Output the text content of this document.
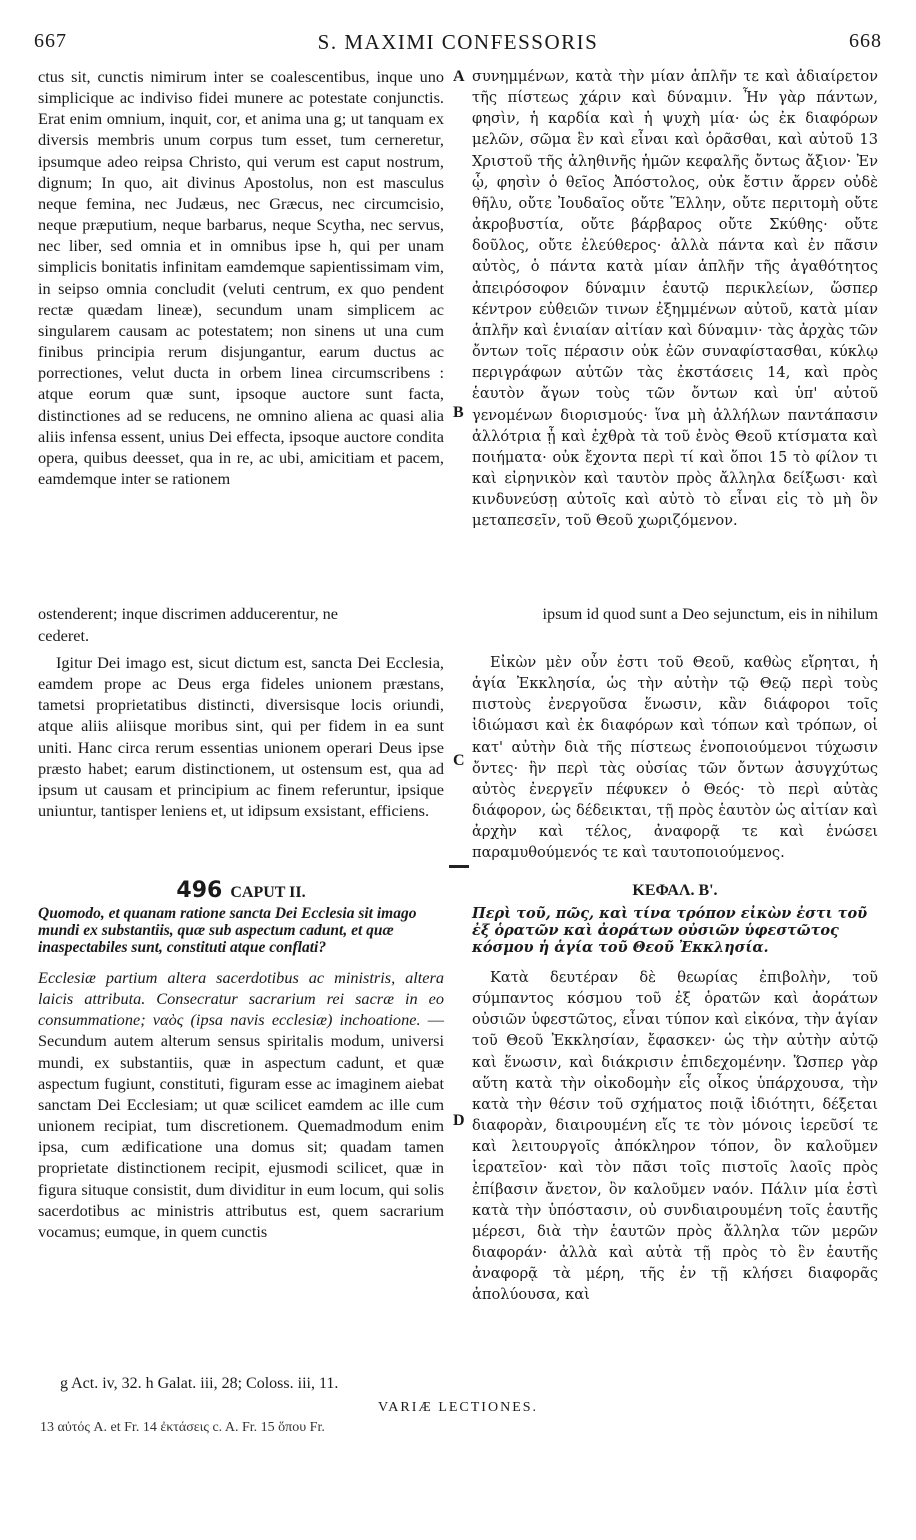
667	S. MAXIMI CONFESSORIS	668

ctus sit, cunctis nimirum inter se coalescentibus, inque uno simplicique ac indiviso fidei munere ac potestate conjunctis. Erat enim omnium, inquit, cor, et anima una g; ut tanquam ex diversis membris unum corpus tum esset, tum cerneretur, ipsumque adeo reipsa Christo, qui verum est caput nostrum, dignum; In quo, ait divinus Apostolus, non est masculus neque femina, nec Judæus, nec Græcus, nec circumcisio, neque præputium, neque barbarus, neque Scytha, nec servus, nec liber, sed omnia et in omnibus ipse h, qui per unam simplicis bonitatis infinitam eamdemque sapientissimam vim, in seipso omnia concludit (veluti centrum, ex quo pendent rectæ quædam lineæ), secundum unam simplicem ac singularem causam ac potestatem; non sinens ut una cum finibus principia rerum disjungantur, earum ductus ac porrectiones, velut ducta in orbem linea circumscribens : atque eorum quæ sunt, ipsoque auctore sunt facta, distinctiones ad se reducens, ne omnino aliena ac quasi alia aliis infensa essent, unius Dei effecta, ipsoque auctore condita opera, quibus deesset, qua in re, ac ubi, amicitiam et pacem, eamdemque inter se rationem

συνημμένων, κατὰ τὴν μίαν ἁπλῆν τε καὶ ἀδιαίρετον τῆς πίστεως χάριν καὶ δύναμιν. Ἦν γὰρ πάντων, φησὶν, ἡ καρδία καὶ ἡ ψυχὴ μία· ὡς ἐκ διαφόρων μελῶν, σῶμα ἓν καὶ εἶναι καὶ ὁρᾶσθαι, καὶ αὐτοῦ 13 Χριστοῦ τῆς ἀληθινῆς ἡμῶν κεφαλῆς ὄντως ἄξιον· Ἐν ᾧ, φησὶν ὁ θεῖος Ἀπόστολος, οὐκ ἔστιν ἄρρεν οὐδὲ θῆλυ, οὔτε Ἰουδαῖος οὔτε Ἕλλην, οὔτε περιτομὴ οὔτε ἀκροβυστία, οὔτε βάρβαρος οὔτε Σκύθης· οὔτε δοῦλος, οὔτε ἐλεύθερος· ἀλλὰ πάντα καὶ ἐν πᾶσιν αὐτὸς, ὁ πάντα κατὰ μίαν ἁπλῆν τῆς ἀγαθότητος ἀπειρόσοφον δύναμιν ἑαυτῷ περικλείων, ὥσπερ κέντρον εὐθειῶν τινων ἐξημμένων αὐτοῦ, κατὰ μίαν ἁπλῆν καὶ ἑνιαίαν αἰτίαν καὶ δύναμιν· τὰς ἀρχὰς τῶν ὄντων τοῖς πέρασιν οὐκ ἐῶν συναφίστασθαι, κύκλῳ περιγράφων αὐτῶν τὰς ἐκστάσεις 14, καὶ πρὸς ἑαυτὸν ἄγων τοὺς τῶν ὄντων καὶ ὑπ' αὐτοῦ γενομένων διορισμούς· ἵνα μὴ ἀλλήλων παντάπασιν ἀλλότρια ᾖ καὶ ἐχθρὰ τὰ τοῦ ἑνὸς Θεοῦ κτίσματα καὶ ποιήματα· οὐκ ἔχοντα περὶ τί καὶ ὅποι 15 τὸ φίλον τι καὶ εἰρηνικὸν καὶ ταυτὸν πρὸς ἄλληλα δείξωσι· καὶ κινδυνεύσῃ αὐτοῖς καὶ αὐτὸ τὸ εἶναι εἰς τὸ μὴ ὂν μεταπεσεῖν, τοῦ Θεοῦ χωριζόμενον.

A
B
ostenderent; inque discrimen adducerentur, ne	ipsum id quod sunt a Deo sejunctum, eis in nihilum
cederet.

Igitur Dei imago est, sicut dictum est, sancta Dei Ecclesia, eamdem prope ac Deus erga fideles unionem præstans, tametsi proprietatibus distincti, diversisque locis oriundi, atque aliis aliisque moribus sint, qui per fidem in ea sunt uniti. Hanc circa rerum essentias unionem operari Deus ipse præsto habet; earum distinctionem, ut ostensum est, qua ad ipsum ut causam et principium ac finem referuntur, ipsique uniuntur, tantisper leniens et, ut idipsum exsistant, efficiens.

Εἰκὼν μὲν οὖν ἐστι τοῦ Θεοῦ, καθὼς εἴρηται, ἡ ἁγία Ἐκκλησία, ὡς τὴν αὐτὴν τῷ Θεῷ περὶ τοὺς πιστοὺς ἐνεργοῦσα ἕνωσιν, κἂν διάφοροι τοῖς ἰδιώμασι καὶ ἐκ διαφόρων καὶ τόπων καὶ τρόπων, οἱ κατ' αὐτὴν διὰ τῆς πίστεως ἑνοποιούμενοι τύχωσιν ὄντες· ἣν περὶ τὰς οὐσίας τῶν ὄντων ἀσυγχύτως αὐτὸς ἐνεργεῖν πέφυκεν ὁ Θεός· τὸ περὶ αὐτὰς διάφορον, ὡς δέδεικται, τῇ πρὸς ἑαυτὸν ὡς αἰτίαν καὶ ἀρχὴν καὶ τέλος, ἀναφορᾷ τε καὶ ἑνώσει παραμυθούμενός τε καὶ ταυτοποιούμενος.

C
496 CAPUT II.	ΚΕΦΑΛ. Β'.
Quomodo, et quanam ratione sancta Dei Ecclesia sit imago mundi ex substantiis, quæ sub aspectum cadunt, et quæ inaspectabiles sunt, constituti atque conflati?
Περὶ τοῦ, πῶς, καὶ τίνα τρόπον εἰκὼν ἐστι τοῦ ἐξ ὁρατῶν καὶ ἀοράτων οὐσιῶν ὑφεστῶτος κόσμου ἡ ἁγία τοῦ Θεοῦ Ἐκκλησία.

Ecclesiæ partium altera sacerdotibus ac ministris, altera laicis attributa. Consecratur sacrarium rei sacræ in eo consummatione; ναὸς (ipsa navis ecclesiæ) inchoatione. — Secundum autem alterum sensus spiritalis modum, universi mundi, ex substantiis, quæ in aspectum cadunt, et quæ aspectum fugiunt, constituti, figuram esse ac imaginem aiebat sanctam Dei Ecclesiam; ut quæ scilicet eamdem ac ille cum unionem recipiat, tum discretionem. Quemadmodum enim ipsa, cum ædificatione una domus sit; quadam tamen proprietate distinctionem recipit, ejusmodi scilicet, quæ in figura situque consistit, dum dividitur in eum locum, qui solis sacerdotibus ac ministris attributus est, quem sacrarium vocamus; eumque, in quem cunctis

Κατὰ δευτέραν δὲ θεωρίας ἐπιβολὴν, τοῦ σύμπαντος κόσμου τοῦ ἐξ ὁρατῶν καὶ ἀοράτων οὐσιῶν ὑφεστῶτος, εἶναι τύπον καὶ εἰκόνα, τὴν ἁγίαν τοῦ Θεοῦ Ἐκκλησίαν, ἔφασκεν· ὡς τὴν αὐτὴν αὐτῷ καὶ ἕνωσιν, καὶ διάκρισιν ἐπιδεχομένην. Ὥσπερ γὰρ αὕτη κατὰ τὴν οἰκοδομὴν εἷς οἶκος ὑπάρχουσα, τὴν κατὰ τὴν θέσιν τοῦ σχήματος ποιᾷ ἰδιότητι, δέξεται διαφορὰν, διαιρουμένη εἴς τε τὸν μόνοις ἱερεῦσί τε καὶ λειτουργοῖς ἀπόκληρον τόπον, ὃν καλοῦμεν ἱερατεῖον· καὶ τὸν πᾶσι τοῖς πιστοῖς λαοῖς πρὸς ἐπίβασιν ἄνετον, ὃν καλοῦμεν ναόν. Πάλιν μία ἐστὶ κατὰ τὴν ὑπόστασιν, οὐ συνδιαιρουμένη τοῖς ἑαυτῆς μέρεσι, διὰ τὴν ἑαυτῶν πρὸς ἄλληλα τῶν μερῶν διαφοράν· ἀλλὰ καὶ αὐτὰ τῇ πρὸς τὸ ἓν ἑαυτῆς ἀναφορᾷ τὰ μέρη, τῆς ἐν τῇ κλήσει διαφορᾶς ἀπολύουσα, καὶ

D
g Act. iv, 32. h Galat. iii, 28; Coloss. iii, 11.
VARIÆ LECTIONES.
13 αὐτός A. et Fr. 14 ἐκτάσεις c. A. Fr. 15 ὅπου Fr.
